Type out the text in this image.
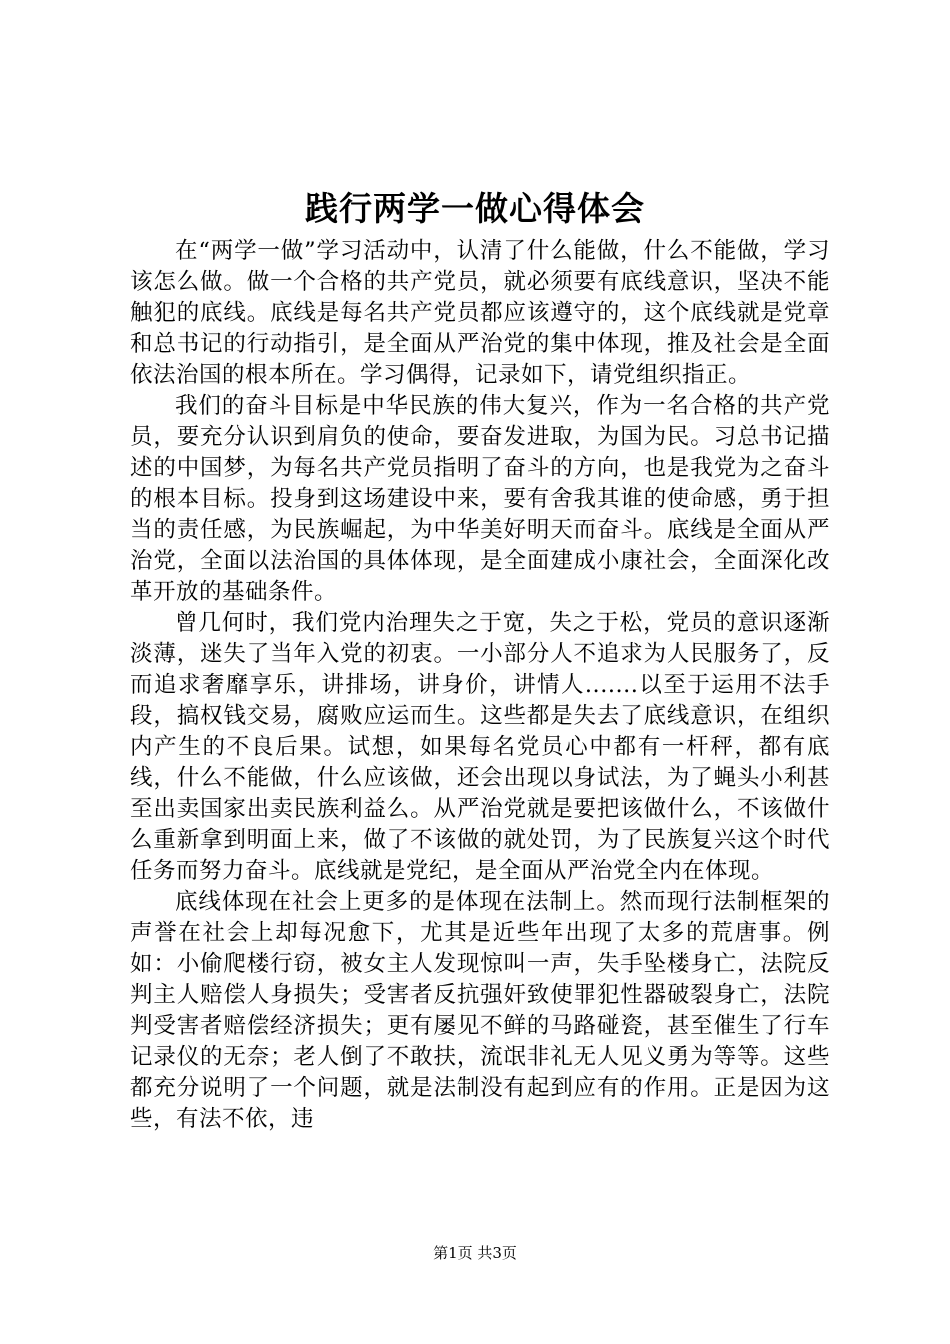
践行两学一做心得体会

在“两学一做”学习活动中，认清了什么能做，什么不能做，学习该怎么做。做一个合格的共产党员，就必须要有底线意识，坚决不能触犯的底线。底线是每名共产党员都应该遵守的，这个底线就是党章和总书记的行动指引，是全面从严治党的集中体现，推及社会是全面依法治国的根本所在。学习偶得，记录如下，请党组织指正。

我们的奋斗目标是中华民族的伟大复兴，作为一名合格的共产党员，要充分认识到肩负的使命，要奋发进取，为国为民。习总书记描述的中国梦，为每名共产党员指明了奋斗的方向，也是我党为之奋斗的根本目标。投身到这场建设中来，要有舍我其谁的使命感，勇于担当的责任感，为民族崛起，为中华美好明天而奋斗。底线是全面从严治党，全面以法治国的具体体现，是全面建成小康社会，全面深化改革开放的基础条件。

曾几何时，我们党内治理失之于宽，失之于松，党员的意识逐渐淡薄，迷失了当年入党的初衷。一小部分人不追求为人民服务了，反而追求奢靡享乐，讲排场，讲身价，讲情人.......以至于运用不法手段，搞权钱交易，腐败应运而生。这些都是失去了底线意识，在组织内产生的不良后果。试想，如果每名党员心中都有一杆秤，都有底线，什么不能做，什么应该做，还会出现以身试法，为了蝇头小利甚至出卖国家出卖民族利益么。从严治党就是要把该做什么，不该做什么重新拿到明面上来，做了不该做的就处罚，为了民族复兴这个时代任务而努力奋斗。底线就是党纪，是全面从严治党全内在体现。

底线体现在社会上更多的是体现在法制上。然而现行法制框架的声誉在社会上却每况愈下，尤其是近些年出现了太多的荒唐事。例如：小偷爬楼行窃，被女主人发现惊叫一声，失手坠楼身亡，法院反判主人赔偿人身损失；受害者反抗强奸致使罪犯性器破裂身亡，法院判受害者赔偿经济损失；更有屡见不鲜的马路碰瓷，甚至催生了行车记录仪的无奈；老人倒了不敢扶，流氓非礼无人见义勇为等等。这些都充分说明了一个问题，就是法制没有起到应有的作用。正是因为这些，有法不依，违

第1页 共3页
